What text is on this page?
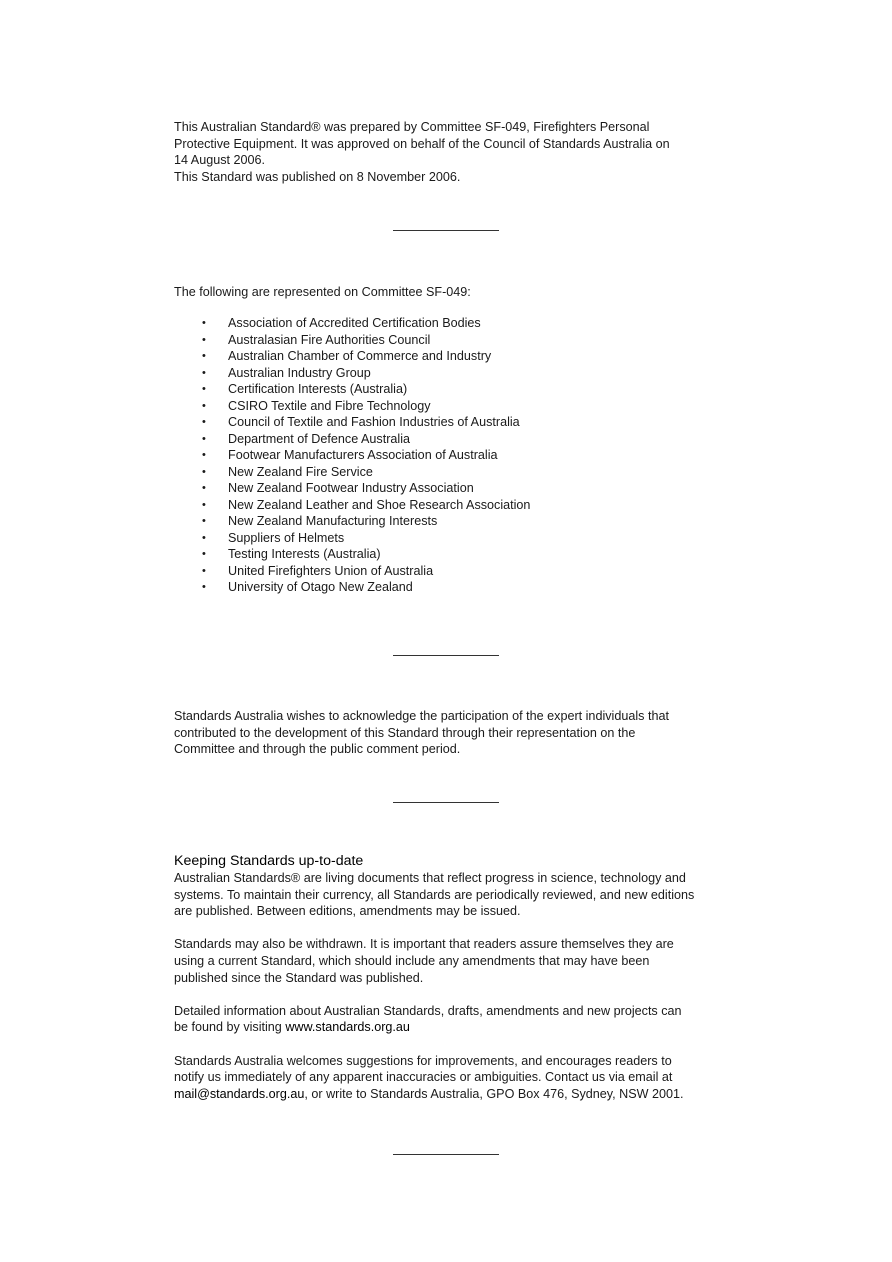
This Australian Standard® was prepared by Committee SF-049, Firefighters Personal

Protective Equipment. It was approved on behalf of the Council of Standards Australia on

14 August 2006.

This Standard was published on 8 November 2006.

The following are represented on Committee SF-049:

• Association of Accredited Certification Bodies
• Australasian Fire Authorities Council
• Australian Chamber of Commerce and Industry
• Australian Industry Group
• Certification Interests (Australia)
• CSIRO Textile and Fibre Technology
• Council of Textile and Fashion Industries of Australia
• Department of Defence Australia
• Footwear Manufacturers Association of Australia
• New Zealand Fire Service
• New Zealand Footwear Industry Association
• New Zealand Leather and Shoe Research Association
• New Zealand Manufacturing Interests
• Suppliers of Helmets
• Testing Interests (Australia)
• United Firefighters Union of Australia
• University of Otago New Zealand

Standards Australia wishes to acknowledge the participation of the expert individuals that

contributed to the development of this Standard through their representation on the

Committee and through the public comment period.

Keeping Standards up-to-date

Australian Standards® are living documents that reflect progress in science, technology and

systems. To maintain their currency, all Standards are periodically reviewed, and new editions

are published. Between editions, amendments may be issued.

Standards may also be withdrawn. It is important that readers assure themselves they are

using a current Standard, which should include any amendments that may have been

published since the Standard was published.

Detailed information about Australian Standards, drafts, amendments and new projects can

be found by visiting www.standards.org.au

Standards Australia welcomes suggestions for improvements, and encourages readers to

notify us immediately of any apparent inaccuracies or ambiguities. Contact us via email at

mail@standards.org.au, or write to Standards Australia, GPO Box 476, Sydney, NSW 2001.
